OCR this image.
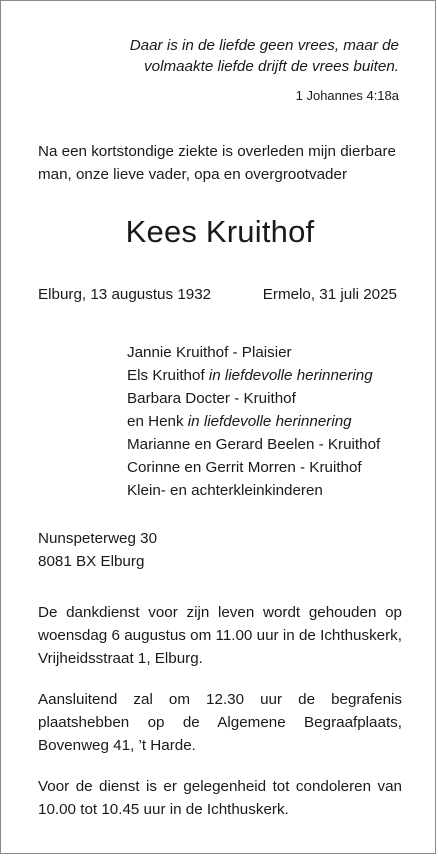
Daar is in de liefde geen vrees, maar de
volmaakte liefde drijft de vrees buiten.
1 Johannes 4:18a
Na een kortstondige ziekte is overleden mijn dierbare
man, onze lieve vader, opa en overgrootvader
Kees Kruithof
Elburg, 13 augustus 1932	Ermelo, 31 juli 2025
Jannie Kruithof - Plaisier
Els Kruithof in liefdevolle herinnering
Barbara Docter - Kruithof
en Henk in liefdevolle herinnering
Marianne en Gerard Beelen - Kruithof
Corinne en Gerrit Morren - Kruithof
Klein- en achterkleinkinderen
Nunspeterweg 30
8081 BX Elburg
De dankdienst voor zijn leven wordt gehouden op woensdag 6 augustus om 11.00 uur in de Ichthuskerk, Vrijheidsstraat 1, Elburg.
Aansluitend zal om 12.30 uur de begrafenis plaatshebben op de Algemene Begraafplaats, Bovenweg 41, ’t Harde.
Voor de dienst is er gelegenheid tot condoleren van 10.00 tot 10.45 uur in de Ichthuskerk.
